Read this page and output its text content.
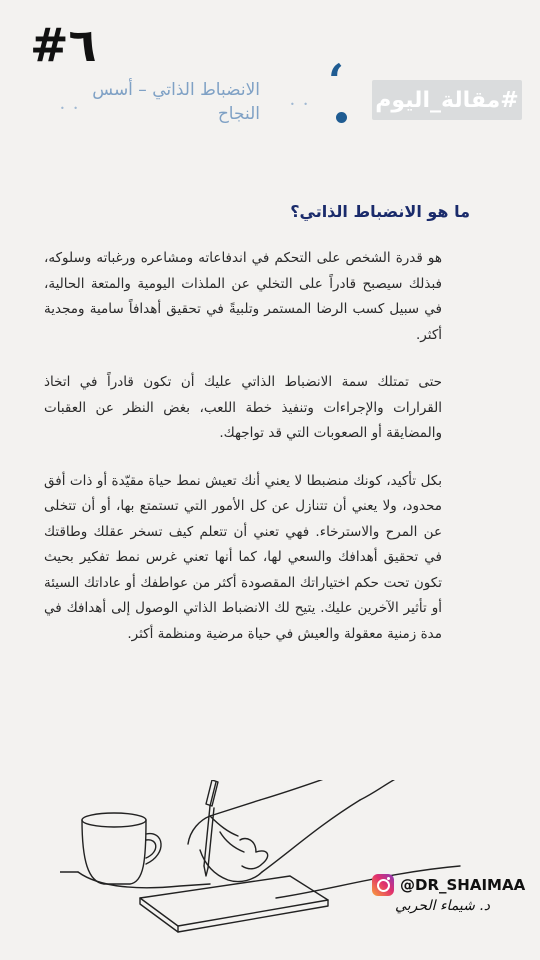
#٦
#مقالة_اليوم
‘
• •
• •
الانضباط الذاتي – أسس النجاح
ما هو الانضباط الذاتي؟

هو قدرة الشخص على التحكم في اندفاعاته ومشاعره ورغباته وسلوكه، فبذلك سيصبح قادراً على التخلي عن الملذات اليومية والمتعة الحالية، في سبيل كسب الرضا المستمر وتلبيةً في تحقيق أهدافاً سامية ومجدية أكثر.

حتى تمتلك سمة الانضباط الذاتي عليك أن تكون قادراً في اتخاذ القرارات والإجراءات وتنفيذ خطة اللعب، بغض النظر عن العقبات والمضايقة أو الصعوبات التي قد تواجهك.

بكل تأكيد، كونك منضبطا لا يعني أنك تعيش نمط حياة مقيّدة أو ذات أفق محدود، ولا يعني أن تتنازل عن كل الأمور التي تستمتع بها، أو أن تتخلى عن المرح والاسترخاء. فهي تعني أن تتعلم كيف تسخر عقلك وطاقتك في تحقيق أهدافك والسعي لها، كما أنها تعني غرس نمط تفكير بحيث تكون تحت حكم اختياراتك المقصودة أكثر من عواطفك أو عاداتك السيئة أو تأثير الآخرين عليك. يتيح لك الانضباط الذاتي الوصول إلى أهدافك في مدة زمنية معقولة والعيش في حياة مرضية ومنظمة أكثر.

@DR_SHAIMAA
د. شيماء الحربي
